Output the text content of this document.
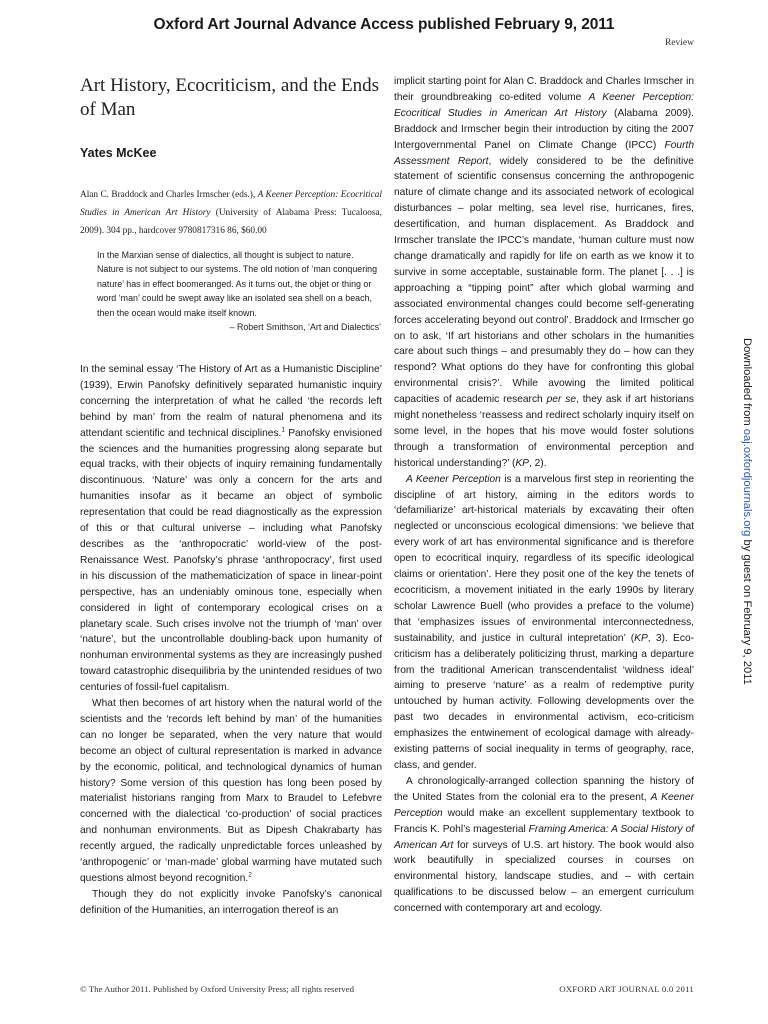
Oxford Art Journal Advance Access published February 9, 2011
Review
Art History, Ecocriticism, and the Ends of Man
Yates McKee
Alan C. Braddock and Charles Irmscher (eds.), A Keener Perception: Ecocritical Studies in American Art History (University of Alabama Press: Tucaloosa, 2009). 304 pp., hardcover 9780817316 86, $60.00
In the Marxian sense of dialectics, all thought is subject to nature. Nature is not subject to our systems. The old notion of ‘man conquering nature’ has in effect boomeranged. As it turns out, the objet or thing or word ‘man’ could be swept away like an isolated sea shell on a beach, then the ocean would make itself known.
– Robert Smithson, ‘Art and Dialectics’

In the seminal essay ‘The History of Art as a Humanistic Discipline’ (1939), Erwin Panofsky definitively separated humanistic inquiry concerning the interpretation of what he called ‘the records left behind by man’ from the realm of natural phenomena and its attendant scientific and technical disciplines.$^1$ Panofsky envisioned the sciences and the humanities progressing along separate but equal tracks, with their objects of inquiry remaining fundamentally discontinuous. ‘Nature’ was only a concern for the arts and humanities insofar as it became an object of symbolic representation that could be read diagnostically as the expression of this or that cultural universe – including what Panofsky describes as the ‘anthropocratic’ world-view of the post-Renaissance West. Panofsky’s phrase ‘anthropocracy’, first used in his discussion of the mathematicization of space in linear-point perspective, has an undeniably ominous tone, especially when considered in light of contemporary ecological crises on a planetary scale. Such crises involve not the triumph of ‘man’ over ‘nature’, but the uncontrollable doubling-back upon humanity of nonhuman environmental systems as they are increasingly pushed toward catastrophic disequilibria by the unintended residues of two centuries of fossil-fuel capitalism.

What then becomes of art history when the natural world of the scientists and the ‘records left behind by man’ of the humanities can no longer be separated, when the very nature that would become an object of cultural representation is marked in advance by the economic, political, and technological dynamics of human history? Some version of this question has long been posed by materialist historians ranging from Marx to Braudel to Lefebvre concerned with the dialectical ‘co-production’ of social practices and nonhuman environments. But as Dipesh Chakrabarty has recently argued, the radically unpredictable forces unleashed by ‘anthropogenic’ or ‘man-made’ global warming have mutated such questions almost beyond recognition.$^2$

Though they do not explicitly invoke Panofsky’s canonical definition of the Humanities, an interrogation thereof is an

implicit starting point for Alan C. Braddock and Charles Irmscher in their groundbreaking co-edited volume A Keener Perception: Ecocritical Studies in American Art History (Alabama 2009). Braddock and Irmscher begin their introduction by citing the 2007 Intergovernmental Panel on Climate Change (IPCC) Fourth Assessment Report, widely considered to be the definitive statement of scientific consensus concerning the anthropogenic nature of climate change and its associated network of ecological disturbances – polar melting, sea level rise, hurricanes, fires, desertification, and human displacement. As Braddock and Irmscher translate the IPCC’s mandate, ‘human culture must now change dramatically and rapidly for life on earth as we know it to survive in some acceptable, sustainable form. The planet [. . .] is approaching a “tipping point” after which global warming and associated environmental changes could become self-generating forces accelerating beyond out control’. Braddock and Irmscher go on to ask, ‘If art historians and other scholars in the humanities care about such things – and presumably they do – how can they respond? What options do they have for confronting this global environmental crisis?’. While avowing the limited political capacities of academic research per se, they ask if art historians might nonetheless ‘reassess and redirect scholarly inquiry itself on some level, in the hopes that his move would foster solutions through a transformation of environmental perception and historical understanding?’ (KP, 2).

A Keener Perception is a marvelous first step in reorienting the discipline of art history, aiming in the editors words to ‘defamiliarize’ art-historical materials by excavating their often neglected or unconscious ecological dimensions: ‘we believe that every work of art has environmental significance and is therefore open to ecocritical inquiry, regardless of its specific ideological claims or orientation’. Here they posit one of the key the tenets of ecocriticism, a movement initiated in the early 1990s by literary scholar Lawrence Buell (who provides a preface to the volume) that ‘emphasizes issues of environmental interconnectedness, sustainability, and justice in cultural intepretation’ (KP, 3). Eco-criticism has a deliberately politicizing thrust, marking a departure from the traditional American transcendentalist ‘wildness ideal’ aiming to preserve ‘nature’ as a realm of redemptive purity untouched by human activity. Following developments over the past two decades in environmental activism, eco-criticism emphasizes the entwinement of ecological damage with already-existing patterns of social inequality in terms of geography, race, class, and gender.

A chronologically-arranged collection spanning the history of the United States from the colonial era to the present, A Keener Perception would make an excellent supplementary textbook to Francis K. Pohl’s magesterial Framing America: A Social History of American Art for surveys of U.S. art history. The book would also work beautifully in specialized courses in courses on environmental history, landscape studies, and – with certain qualifications to be discussed below – an emergent curriculum concerned with contemporary art and ecology.

Downloaded from oaj.oxfordjournals.org by guest on February 9, 2011
© The Author 2011. Published by Oxford University Press; all rights reserved	OXFORD ART JOURNAL 0.0 2011
